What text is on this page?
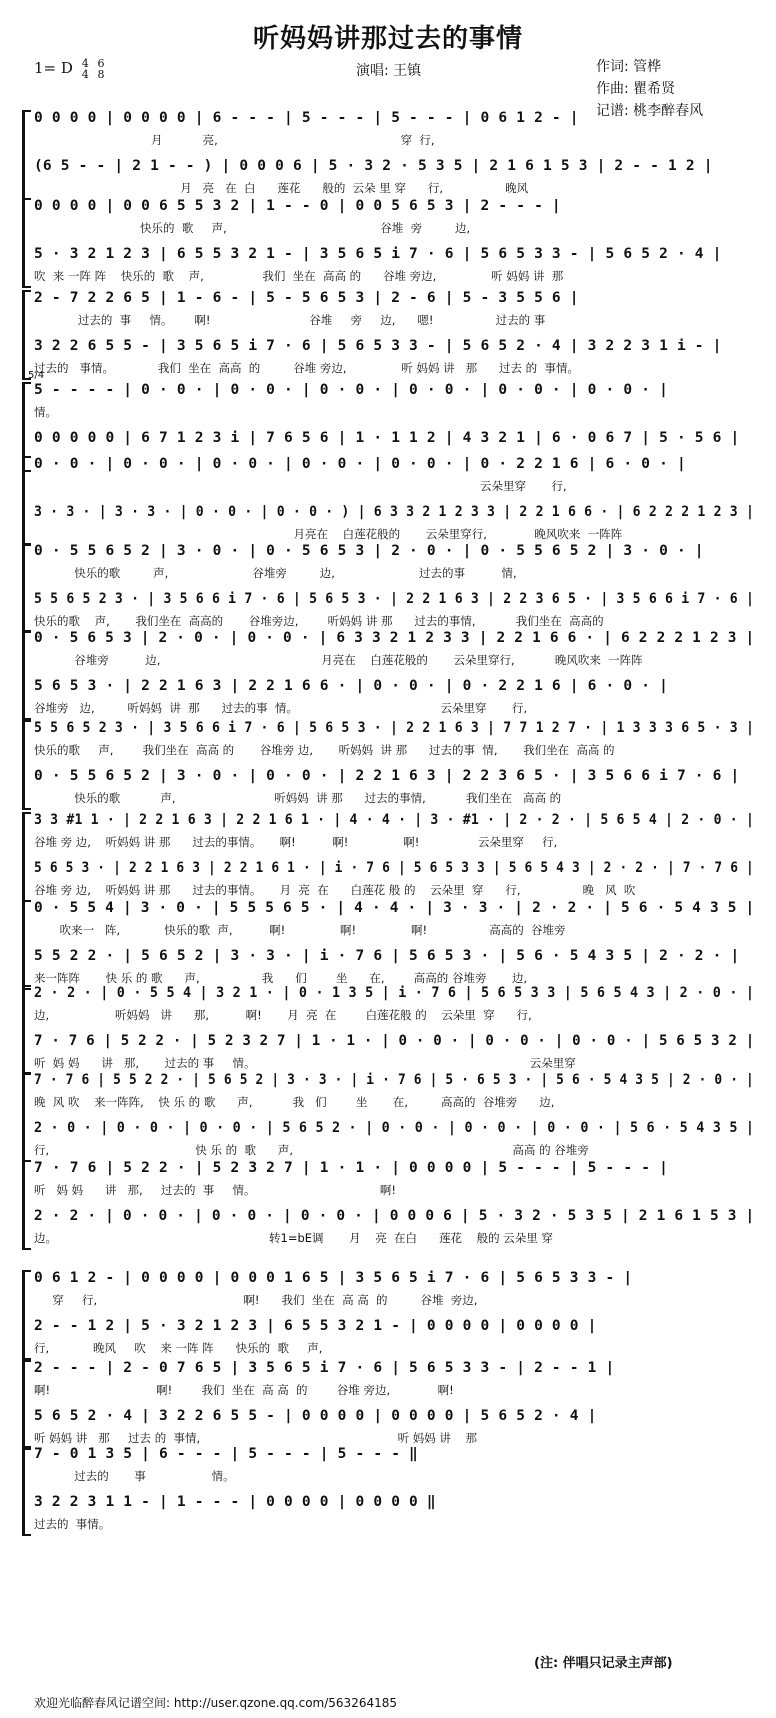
听妈妈讲那过去的事情
1= D 4
4

6
8	演唱: 王镇	作词: 管桦
作曲: 瞿希贤
记谱: 桃李醉春风
0 0 0 0 | 0 0 0 0 | 6 - - - | 5 - - - | 5 - - - | 0 6 1 2 - |
月           亮,                                                  穿  行,
(6 5 - - | 2 1 - - ) | 0 0 0 6 | 5 · 3 2 · 5 3 5 | 2 1 6 1 5 3 | 2 - - 1 2 |
月   亮   在  白      莲花      般的  云朵 里 穿      行,                 晚风
0 0 0 0 | 0 0 6 5 5 3 2 | 1 - - 0 | 0 0 5 6 5 3 | 2 - - - |
快乐的  歌     声,                                          谷堆  旁         边,
5 · 3 2 1 2 3 | 6 5 5 3 2 1 - | 3 5 6 5 i 7 · 6 | 5 6 5 3 3 - | 5 6 5 2 · 4 |
吹  来 一阵 阵    快乐的  歌    声,                我们  坐在  高高 的      谷堆 旁边,               听 妈妈 讲  那
2 - 7 2 2 6 5 | 1 - 6 - | 5 - 5 6 5 3 | 2 - 6 | 5 - 3 5 5 6 |
过去的  事     情。      啊!                           谷堆     旁     边,      嗯!                 过去的 事
3 2 2 6 5 5 - | 3 5 6 5 i 7 · 6 | 5 6 5 3 3 - | 5 6 5 2 · 4 | 3 2 2 3 1 i - |
过去的   事情。            我们  坐在  高高  的         谷堆 旁边,               听 妈妈 讲   那      过去 的  事情。
5/4
5 - - - - | 0 · 0 · | 0 · 0 · | 0 · 0 · | 0 · 0 · | 0 · 0 · | 0 · 0 · |
情。
0 0 0 0 0 | 6 7 1 2 3 i | 7 6 5 6 | 1 · 1 1 2 | 4 3 2 1 | 6 · 0 6 7 | 5 · 5 6 |
0 · 0 · | 0 · 0 · | 0 · 0 · | 0 · 0 · | 0 · 0 · | 0 · 2 2 1 6 | 6 · 0 · |
云朵里穿       行,
3 · 3 · | 3 · 3 · | 0 · 0 · | 0 · 0 · ) | 6 3 3 2 1 2 3 3 | 2 2 1 6 6 · | 6 2 2 2 1 2 3 |
月亮在    白莲花般的       云朵里穿行,             晚风吹来  一阵阵
0 · 5 5 6 5 2 | 3 · 0 · | 0 · 5 6 5 3 | 2 · 0 · | 0 · 5 5 6 5 2 | 3 · 0 · |
快乐的歌         声,                       谷堆旁         边,                       过去的事          情,
5 5 6 5 2 3 · | 3 5 6 6 i 7 · 6 | 5 6 5 3 · | 2 2 1 6 3 | 2 2 3 6 5 · | 3 5 6 6 i 7 · 6 |
快乐的歌    声,       我们坐在  高高的       谷堆旁边,        听妈妈 讲 那      过去的事情,           我们坐在  高高的
0 · 5 6 5 3 | 2 · 0 · | 0 · 0 · | 6 3 3 2 1 2 3 3 | 2 2 1 6 6 · | 6 2 2 2 1 2 3 |
谷堆旁          边,                                            月亮在    白莲花般的       云朵里穿行,           晚风吹来  一阵阵
5 6 5 3 · | 2 2 1 6 3 | 2 2 1 6 6 · | 0 · 0 · | 0 · 2 2 1 6 | 6 · 0 · |
谷堆旁   边,         听妈妈  讲  那      过去的事  情。                                       云朵里穿       行,
5 5 6 5 2 3 · | 3 5 6 6 i 7 · 6 | 5 6 5 3 · | 2 2 1 6 3 | 7 7 1 2 7 · | 1 3 3 3 6 5 · 3 |
快乐的歌     声,        我们坐在  高高 的       谷堆旁 边,       听妈妈  讲 那      过去的事  情,       我们坐在  高高 的
0 · 5 5 6 5 2 | 3 · 0 · | 0 · 0 · | 2 2 1 6 3 | 2 2 3 6 5 · | 3 5 6 6 i 7 · 6 |
快乐的歌           声,                           听妈妈  讲 那      过去的事情,           我们坐在   高高 的
3 3 #1 1 · | 2 2 1 6 3 | 2 2 1 6 1 · | 4 · 4 · | 3 · #1 · | 2 · 2 · | 5 6 5 4 | 2 · 0 · |
谷堆 旁 边,    听妈妈 讲 那      过去的事情。     啊!          啊!               啊!                云朵里穿     行,
5 6 5 3 · | 2 2 1 6 3 | 2 2 1 6 1 · | i · 7 6 | 5 6 5 3 3 | 5 6 5 4 3 | 2 · 2 · | 7 · 7 6 |
谷堆 旁 边,    听妈妈 讲 那      过去的事情。     月  亮  在      白莲花 般 的    云朵里  穿      行,                 晚   风  吹
0 · 5 5 4 | 3 · 0 · | 5 5 5 6 5 · | 4 · 4 · | 3 · 3 · | 2 · 2 · | 5 6 · 5 4 3 5 |
吹来一   阵,            快乐的歌  声,          啊!               啊!               啊!                 高高的  谷堆旁
5 5 2 2 · | 5 6 5 2 | 3 · 3 · | i · 7 6 | 5 6 5 3 · | 5 6 · 5 4 3 5 | 2 · 2 · |
来一阵阵       快 乐 的 歌      声,                 我      们        坐      在,        高高的 谷堆旁       边,
2 · 2 · | 0 · 5 5 4 | 3 2 1 · | 0 · 1 3 5 | i · 7 6 | 5 6 5 3 3 | 5 6 5 4 3 | 2 · 0 · |
边,                  听妈妈   讲      那,          啊!       月  亮  在        白莲花般 的    云朵里  穿      行,
7 · 7 6 | 5 2 2 · | 5 2 3 2 7 | 1 · 1 · | 0 · 0 · | 0 · 0 · | 0 · 0 · | 5 6 5 3 2 |
听  妈 妈      讲   那,       过去的 事     情。                                                                           云朵里穿
7 · 7 6 | 5 5 2 2 · | 5 6 5 2 | 3 · 3 · | i · 7 6 | 5 · 6 5 3 · | 5 6 · 5 4 3 5 | 2 · 0 · |
晚  风 吹    来一阵阵,    快 乐 的 歌      声,           我   们        坐       在,         高高的  谷堆旁      边,
2 · 0 · | 0 · 0 · | 0 · 0 · | 5 6 5 2 · | 0 · 0 · | 0 · 0 · | 0 · 0 · | 5 6 · 5 4 3 5 |
行,                                        快 乐 的  歌      声,                                                            高高 的 谷堆旁
7 · 7 6 | 5 2 2 · | 5 2 3 2 7 | 1 · 1 · | 0 0 0 0 | 5 - - - | 5 - - - |
听   妈 妈      讲   那,     过去的  事     情。                                  啊!
2 · 2 · | 0 · 0 · | 0 · 0 · | 0 · 0 · | 0 0 0 6 | 5 · 3 2 · 5 3 5 | 2 1 6 1 5 3 |
边。                                                          转1=bE调       月    亮  在白      莲花    般的 云朵里 穿
0 6 1 2 - | 0 0 0 0 | 0 0 0 1 6 5 | 3 5 6 5 i 7 · 6 | 5 6 5 3 3 - |
穿     行,                                        啊!      我们  坐在  高 高  的         谷堆  旁边,
2 - - 1 2 | 5 · 3 2 1 2 3 | 6 5 5 3 2 1 - | 0 0 0 0 | 0 0 0 0 |
行,            晚风     吹    来 一阵 阵      快乐的  歌     声,
2 - - - | 2 - 0 7 6 5 | 3 5 6 5 i 7 · 6 | 5 6 5 3 3 - | 2 - - 1 |
啊!                             啊!        我们  坐在  高 高  的        谷堆 旁边,             啊!
5 6 5 2 · 4 | 3 2 2 6 5 5 - | 0 0 0 0 | 0 0 0 0 | 5 6 5 2 · 4 |
听 妈妈 讲   那     过去 的  事情,                                                      听 妈妈 讲    那
7 - 0 1 3 5 | 6 - - - | 5 - - - | 5 - - - ‖
过去的       事                  情。
3 2 2 3 1 1 - | 1 - - - | 0 0 0 0 | 0 0 0 0 ‖
过去的  事情。
(注: 伴唱只记录主声部)
欢迎光临醉春风记谱空间: http://user.qzone.qq.com/563264185
